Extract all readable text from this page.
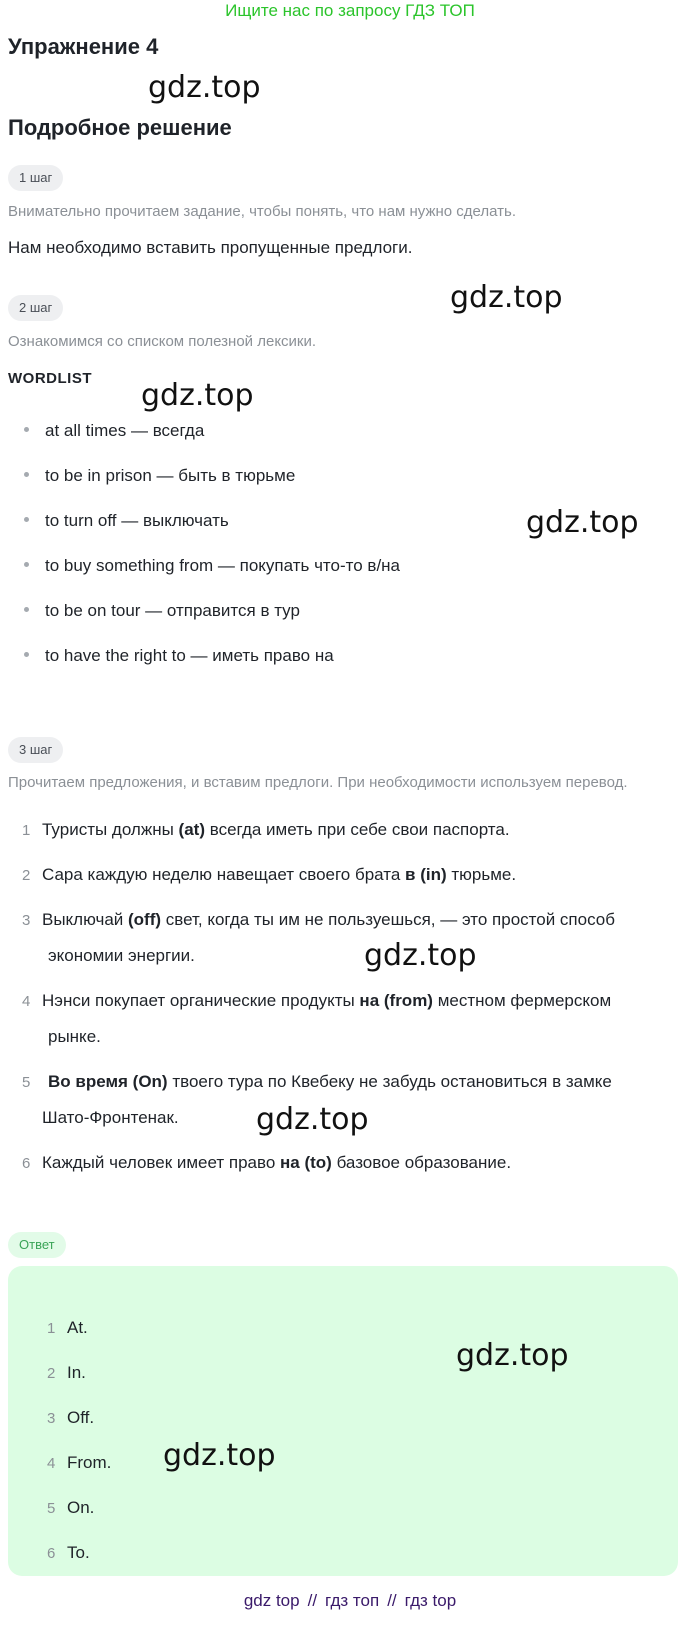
Ищите нас по запросу ГДЗ ТОП
Упражнение 4
gdz.top
Подробное решение
1 шаг
Внимательно прочитаем задание, чтобы понять, что нам нужно сделать.
Нам необходимо вставить пропущенные предлоги.
2 шаг	gdz.top
Ознакомимся со списком полезной лексики.
WORDLIST gdz.top
at all times — всегда
to be in prison — быть в тюрьме
to turn off — выключать	gdz.top
to buy something from — покупать что-то в/на
to be on tour — отправится в тур
to have the right to — иметь право на
3 шаг
Прочитаем предложения, и вставим предлоги. При необходимости используем перевод.
1 Туристы должны (at) всегда иметь при себе свои паспорта.
2 Сара каждую неделю навещает своего брата в (in) тюрьме.
3 Выключай (off) свет, когда ты им не пользуешься, — это простой способ
экономии энергии.	gdz.top
4 Нэнси покупает органические продукты на (from) местном фермерском
рынке.
5 Во время (On) твоего тура по Квебеку не забудь остановиться в замке
Шато-Фронтенак.	gdz.top
6 Каждый человек имеет право на (to) базовое образование.
Ответ
1 At.
gdz.top
2 In.
3 Off.
4 From. gdz.top
5 On.
6 To.
gdz top // гдз топ // гдз top
